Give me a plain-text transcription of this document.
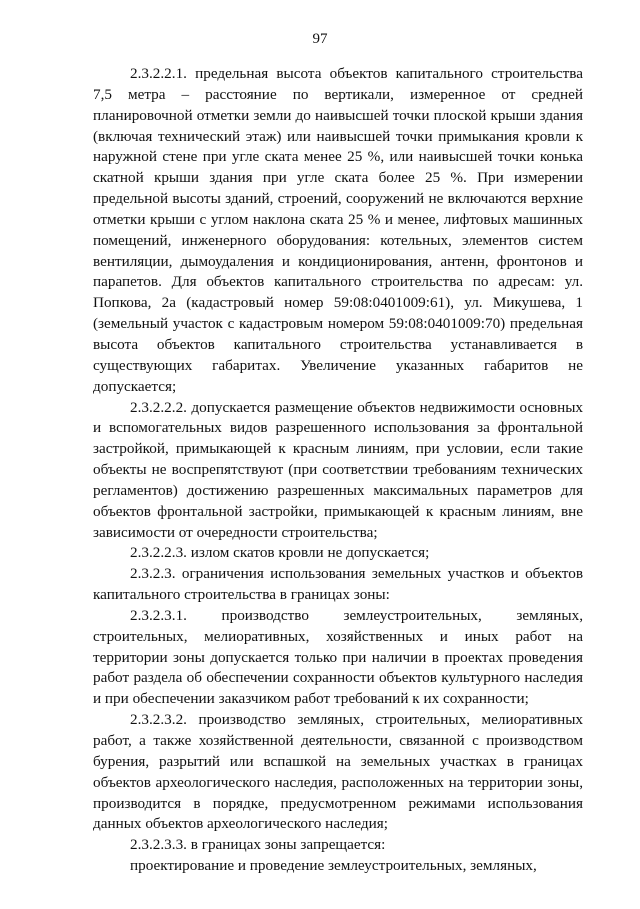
97

2.3.2.2.1. предельная высота объектов капитального строительства 7,5 метра – расстояние по вертикали, измеренное от средней планировочной отметки земли до наивысшей точки плоской крыши здания (включая технический этаж) или наивысшей точки примыкания кровли к наружной стене при угле ската менее 25 %, или наивысшей точки конька скатной крыши здания при угле ската более 25 %. При измерении предельной высоты зданий, строений, сооружений не включаются верхние отметки крыши с углом наклона ската 25 % и менее, лифтовых машинных помещений, инженерного оборудования: котельных, элементов систем вентиляции, дымоудаления и кондиционирования, антенн, фронтонов и парапетов. Для объектов капитального строительства по адресам: ул. Попкова, 2а (кадастровый номер 59:08:0401009:61), ул. Микушева, 1 (земельный участок с кадастровым номером 59:08:0401009:70) предельная высота объектов капитального строительства устанавливается в существующих габаритах. Увеличение указанных габаритов не допускается;

2.3.2.2.2. допускается размещение объектов недвижимости основных и вспомогательных видов разрешенного использования за фронтальной застройкой, примыкающей к красным линиям, при условии, если такие объекты не воспрепятствуют (при соответствии требованиям технических регламентов) достижению разрешенных максимальных параметров для объектов фронтальной застройки, примыкающей к красным линиям, вне зависимости от очередности строительства;

2.3.2.2.3. излом скатов кровли не допускается;

2.3.2.3. ограничения использования земельных участков и объектов капитального строительства в границах зоны:

2.3.2.3.1. производство землеустроительных, земляных, строительных, мелиоративных, хозяйственных и иных работ на территории зоны допускается только при наличии в проектах проведения работ раздела об обеспечении сохранности объектов культурного наследия и при обеспечении заказчиком работ требований к их сохранности;

2.3.2.3.2. производство земляных, строительных, мелиоративных работ, а также хозяйственной деятельности, связанной с производством бурения, разрытий или вспашкой на земельных участках в границах объектов археологического наследия, расположенных на территории зоны, производится в порядке, предусмотренном режимами использования данных объектов археологического наследия;

2.3.2.3.3. в границах зоны запрещается:

проектирование и проведение землеустроительных, земляных,
